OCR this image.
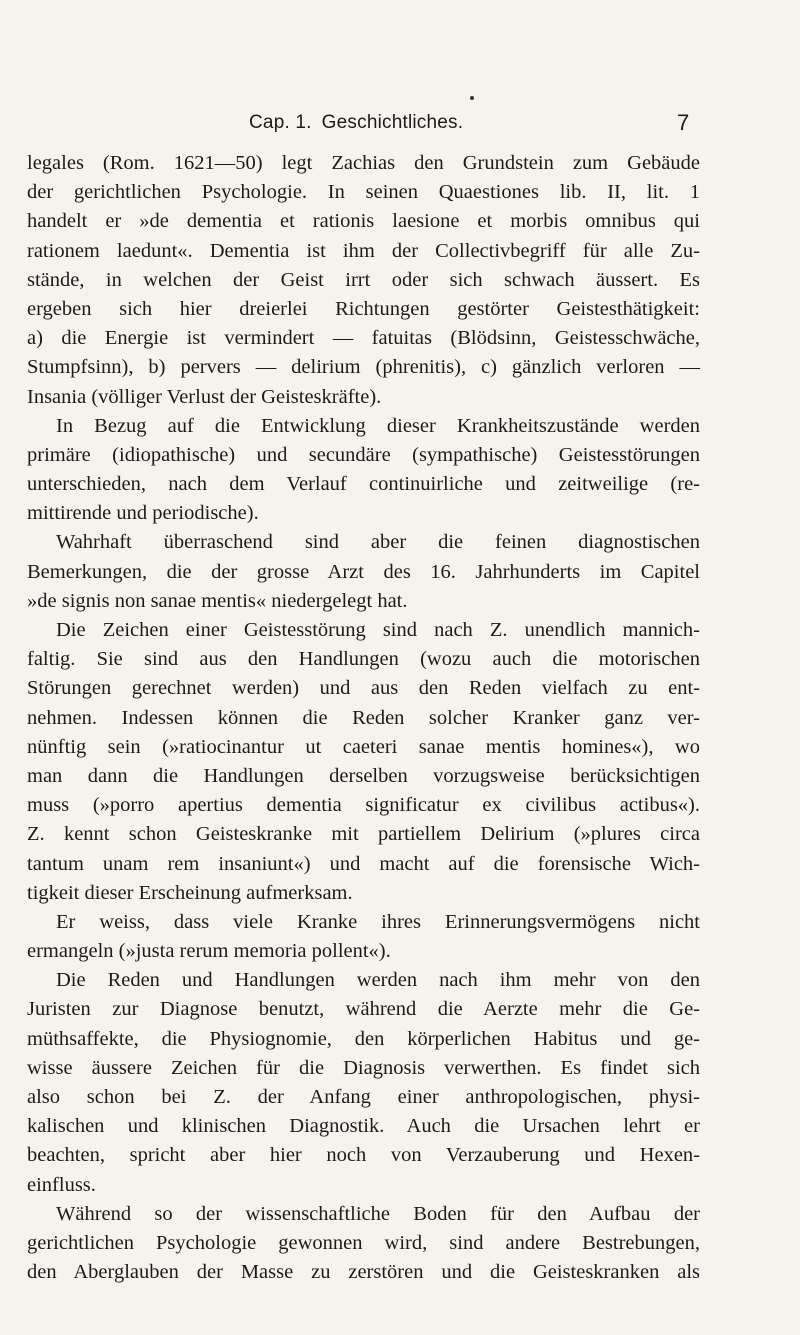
Cap. 1. Geschichtliches.	7
legales (Rom. 1621—50) legt Zachias den Grundstein zum Gebäude
der gerichtlichen Psychologie. In seinen Quaestiones lib. II, lit. 1
handelt er »de dementia et rationis laesione et morbis omnibus qui
rationem laedunt«. Dementia ist ihm der Collectivbegriff für alle Zu-
stände, in welchen der Geist irrt oder sich schwach äussert. Es
ergeben sich hier dreierlei Richtungen gestörter Geistesthätigkeit:
a) die Energie ist vermindert — fatuitas (Blödsinn, Geistesschwäche,
Stumpfsinn), b) pervers — delirium (phrenitis), c) gänzlich verloren —
Insania (völliger Verlust der Geisteskräfte).
In Bezug auf die Entwicklung dieser Krankheitszustände werden
primäre (idiopathische) und secundäre (sympathische) Geistesstörungen
unterschieden, nach dem Verlauf continuirliche und zeitweilige (re-
mittirende und periodische).
Wahrhaft überraschend sind aber die feinen diagnostischen
Bemerkungen, die der grosse Arzt des 16. Jahrhunderts im Capitel
»de signis non sanae mentis« niedergelegt hat.
Die Zeichen einer Geistesstörung sind nach Z. unendlich mannich-
faltig. Sie sind aus den Handlungen (wozu auch die motorischen
Störungen gerechnet werden) und aus den Reden vielfach zu ent-
nehmen. Indessen können die Reden solcher Kranker ganz ver-
nünftig sein (»ratiocinantur ut caeteri sanae mentis homines«), wo
man dann die Handlungen derselben vorzugsweise berücksichtigen
muss (»porro apertius dementia significatur ex civilibus actibus«).
Z. kennt schon Geisteskranke mit partiellem Delirium (»plures circa
tantum unam rem insaniunt«) und macht auf die forensische Wich-
tigkeit dieser Erscheinung aufmerksam.
Er weiss, dass viele Kranke ihres Erinnerungsvermögens nicht
ermangeln (»justa rerum memoria pollent«).
Die Reden und Handlungen werden nach ihm mehr von den
Juristen zur Diagnose benutzt, während die Aerzte mehr die Ge-
müthsaffekte, die Physiognomie, den körperlichen Habitus und ge-
wisse äussere Zeichen für die Diagnosis verwerthen. Es findet sich
also schon bei Z. der Anfang einer anthropologischen, physi-
kalischen und klinischen Diagnostik. Auch die Ursachen lehrt er
beachten, spricht aber hier noch von Verzauberung und Hexen-
einfluss.
Während so der wissenschaftliche Boden für den Aufbau der
gerichtlichen Psychologie gewonnen wird, sind andere Bestrebungen,
den Aberglauben der Masse zu zerstören und die Geisteskranken als
